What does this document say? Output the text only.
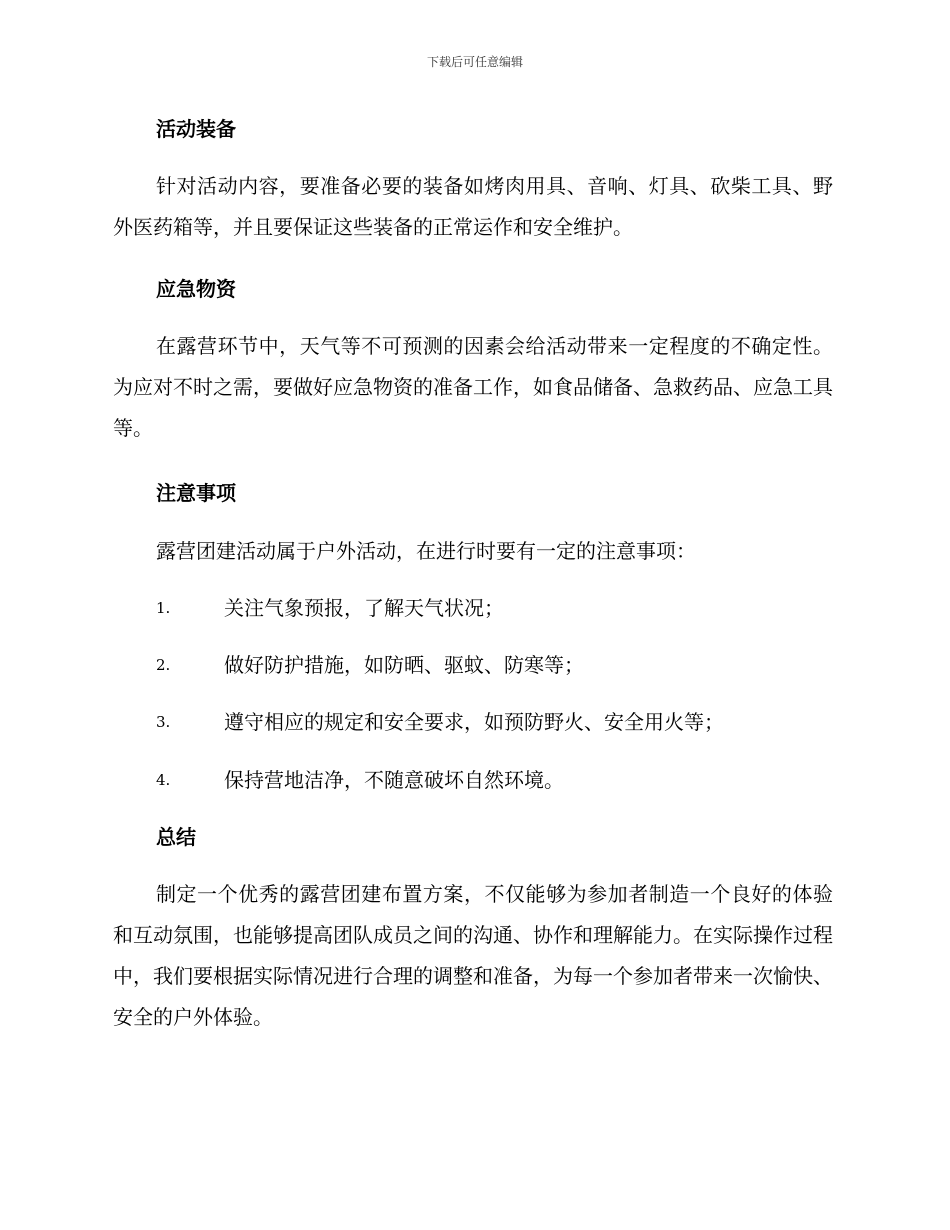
下载后可任意编辑
活动装备

针对活动内容，要准备必要的装备如烤肉用具、音响、灯具、砍柴工具、野外医药箱等，并且要保证这些装备的正常运作和安全维护。

应急物资

在露营环节中，天气等不可预测的因素会给活动带来一定程度的不确定性。为应对不时之需，要做好应急物资的准备工作，如食品储备、急救药品、应急工具等。

注意事项
露营团建活动属于户外活动，在进行时要有一定的注意事项：
1.	关注气象预报，了解天气状况；
2.	做好防护措施，如防晒、驱蚊、防寒等；
3.	遵守相应的规定和安全要求，如预防野火、安全用火等；
4.	保持营地洁净，不随意破坏自然环境。
总结

制定一个优秀的露营团建布置方案，不仅能够为参加者制造一个良好的体验和互动氛围，也能够提高团队成员之间的沟通、协作和理解能力。在实际操作过程中，我们要根据实际情况进行合理的调整和准备，为每一个参加者带来一次愉快、安全的户外体验。
